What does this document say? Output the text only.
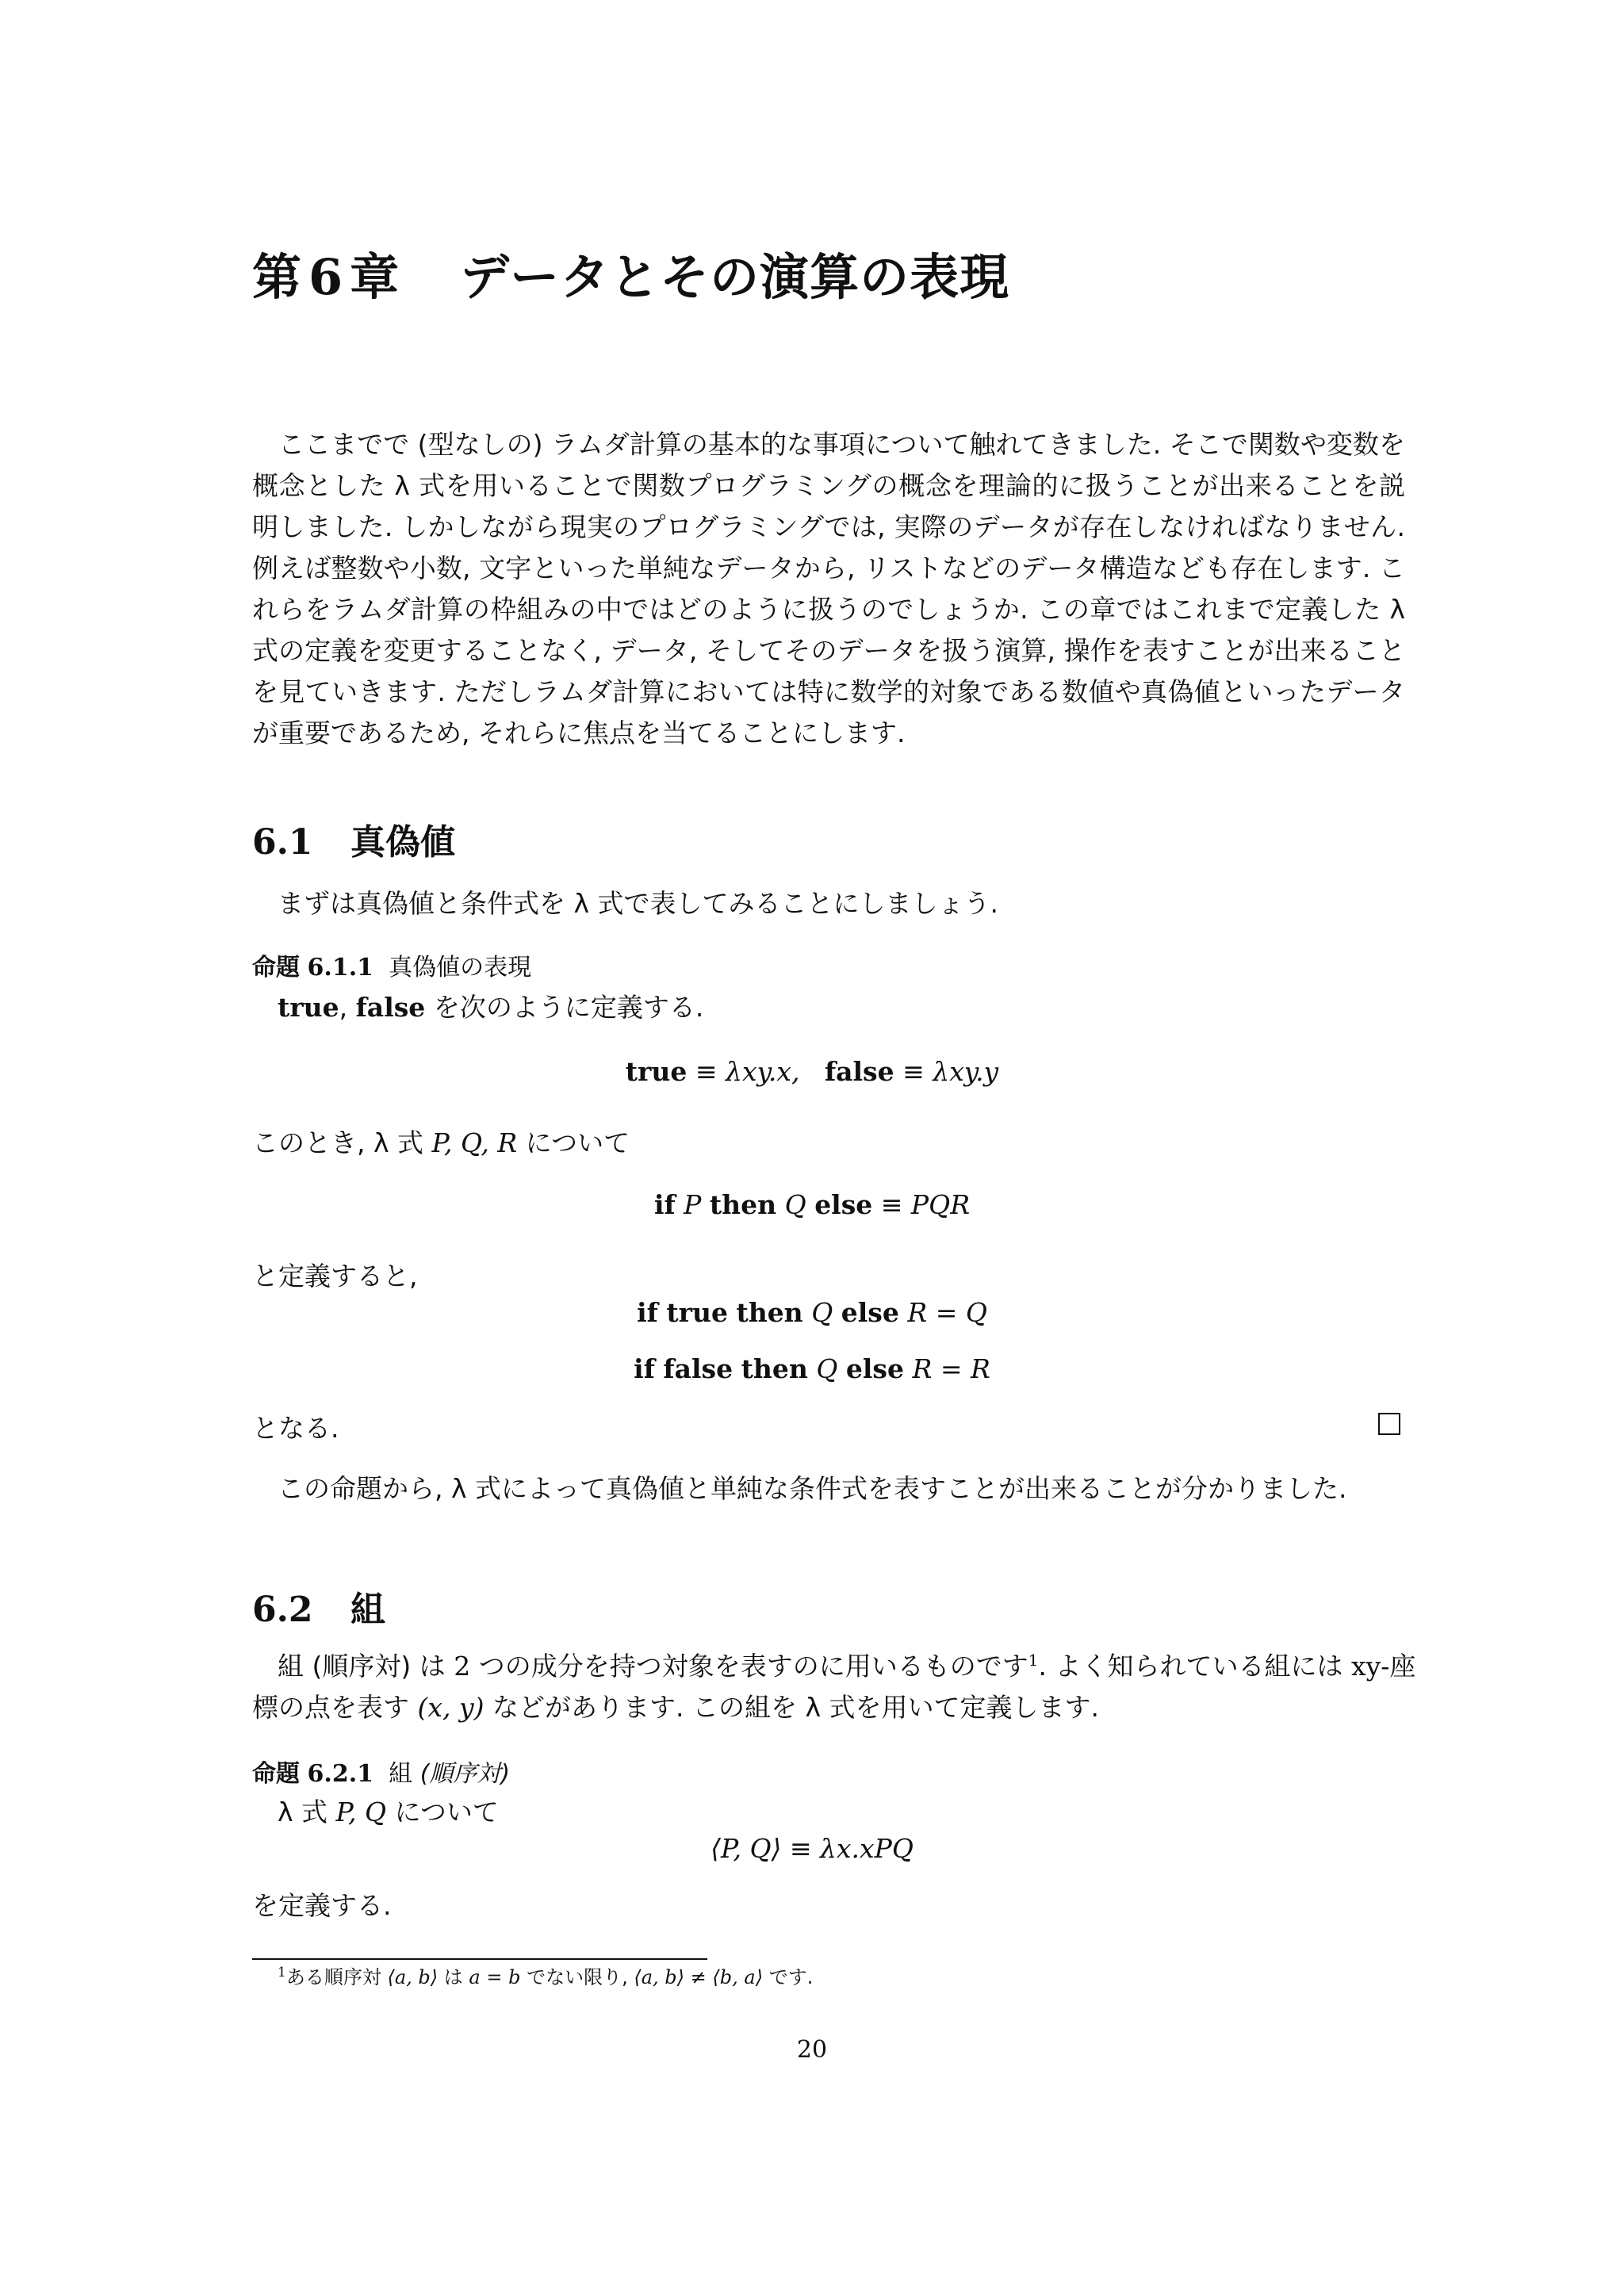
第 6 章 データとその演算の表現
ここまでで (型なしの) ラムダ計算の基本的な事項について触れてきました. そこで関数や変数を概念とした λ 式を用いることで関数プログラミングの概念を理論的に扱うことが出来ることを説明しました. しかしながら現実のプログラミングでは, 実際のデータが存在しなければなりません. 例えば整数や小数, 文字といった単純なデータから, リストなどのデータ構造なども存在します. これらをラムダ計算の枠組みの中ではどのように扱うのでしょうか. この章ではこれまで定義した λ 式の定義を変更することなく, データ, そしてそのデータを扱う演算, 操作を表すことが出来ることを見ていきます. ただしラムダ計算においては特に数学的対象である数値や真偽値といったデータが重要であるため, それらに焦点を当てることにします.
6.1 真偽値
まずは真偽値と条件式を λ 式で表してみることにしましょう.
命題 6.1.1 真偽値の表現
true, false を次のように定義する.
true ≡ λxy.x, false ≡ λxy.y
このとき, λ 式 P, Q, R について
if P then Q else ≡ PQR
と定義すると,
if true then Q else R = Q
if false then Q else R = R
となる.
この命題から, λ 式によって真偽値と単純な条件式を表すことが出来ることが分かりました.
6.2 組
組 (順序対) は 2 つの成分を持つ対象を表すのに用いるものです$^1$. よく知られている組には xy-座
標の点を表す (x, y) などがあります. この組を λ 式を用いて定義します.
命題 6.2.1 組 (順序対)
λ 式 P, Q について
⟨P, Q⟩ ≡ λx.xPQ
を定義する.
$^1$ある順序対 ⟨a, b⟩ は a = b でない限り, ⟨a, b⟩ ≠ ⟨b, a⟩ です.
20
